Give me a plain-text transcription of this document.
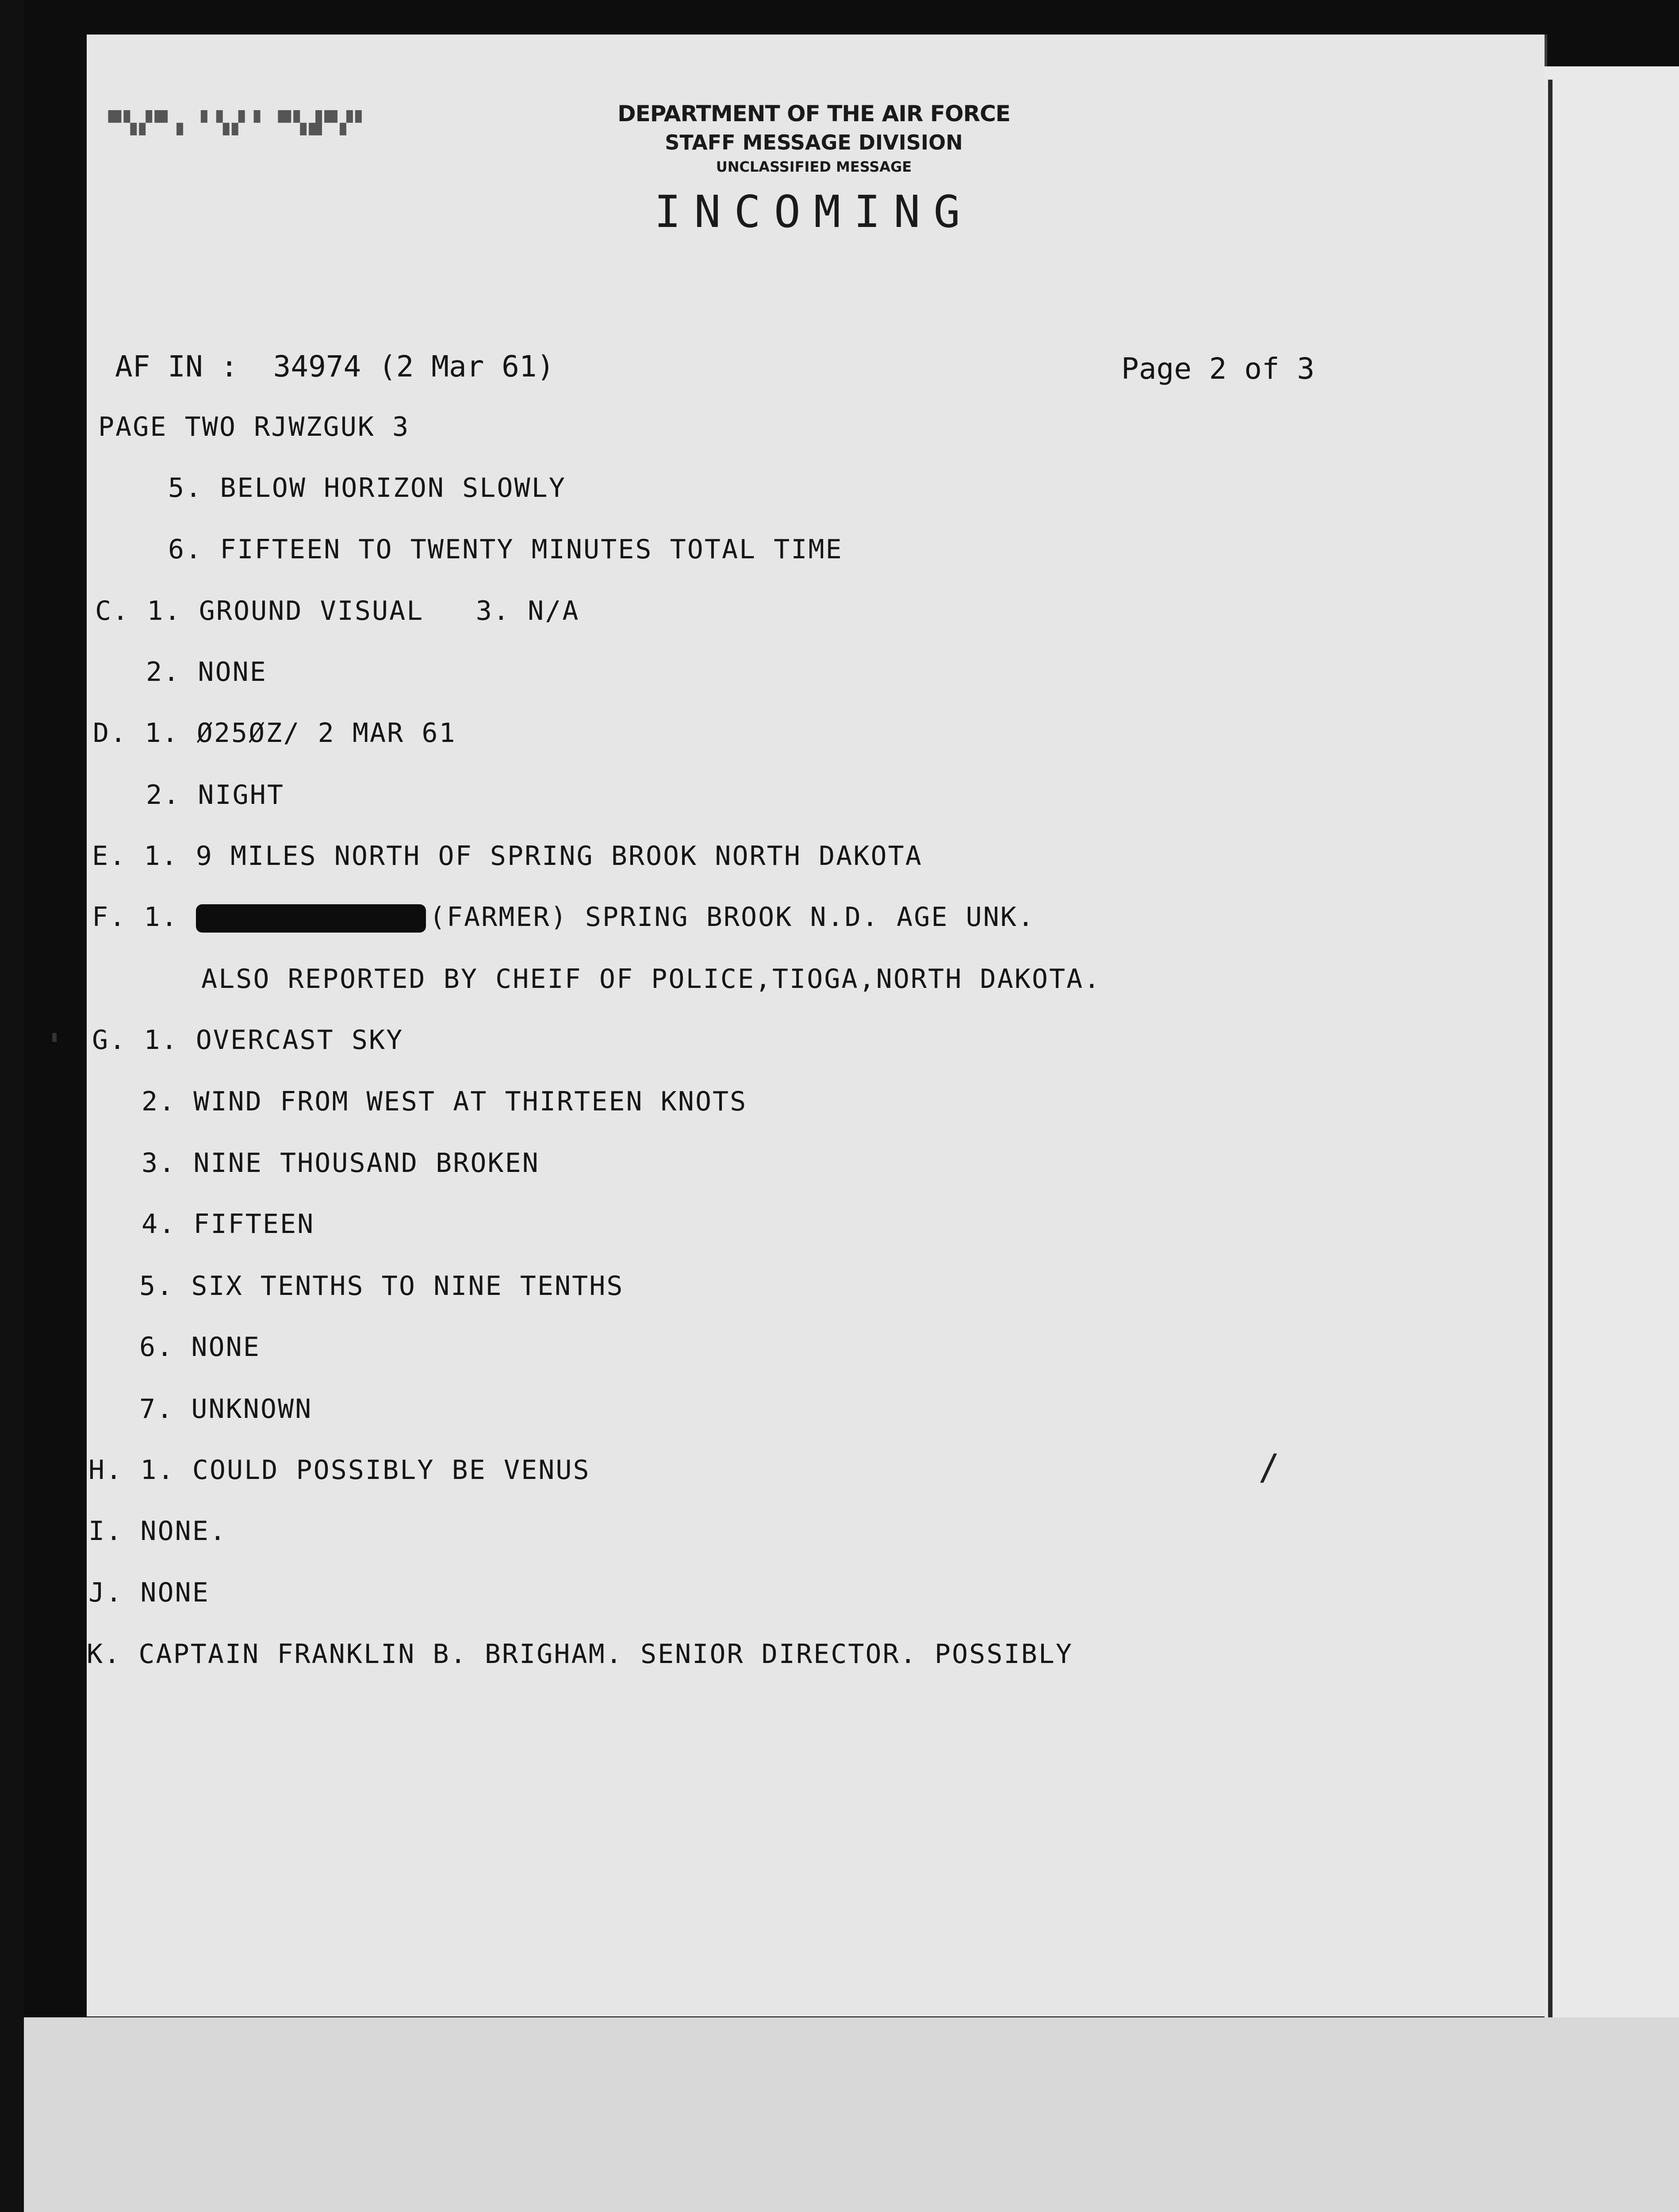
▀▚▞▀▗ ▘▚▞▝ ▀▚▟▀▞▘	DEPARTMENT OF THE AIR FORCE
STAFF MESSAGE DIVISION
UNCLASSIFIED MESSAGE
INCOMING
AF IN :  34974 (2 Mar 61)	Page 2 of 3
PAGE TWO RJWZGUK 3
5. BELOW HORIZON SLOWLY
6. FIFTEEN TO TWENTY MINUTES TOTAL TIME
C. 1. GROUND VISUAL   3. N/A
2. NONE
D. 1. Ø25ØZ/ 2 MAR 61
2. NIGHT
E. 1. 9 MILES NORTH OF SPRING BROOK NORTH DAKOTA
F. 1.	(FARMER) SPRING BROOK N.D. AGE UNK.
ALSO REPORTED BY CHEIF OF POLICE,TIOGA,NORTH DAKOTA.
G. 1. OVERCAST SKY
2. WIND FROM WEST AT THIRTEEN KNOTS
3. NINE THOUSAND BROKEN
4. FIFTEEN
5. SIX TENTHS TO NINE TENTHS
6. NONE
7. UNKNOWN
H. 1. COULD POSSIBLY BE VENUS	/
I. NONE.
J. NONE
K. CAPTAIN FRANKLIN B. BRIGHAM. SENIOR DIRECTOR. POSSIBLY
